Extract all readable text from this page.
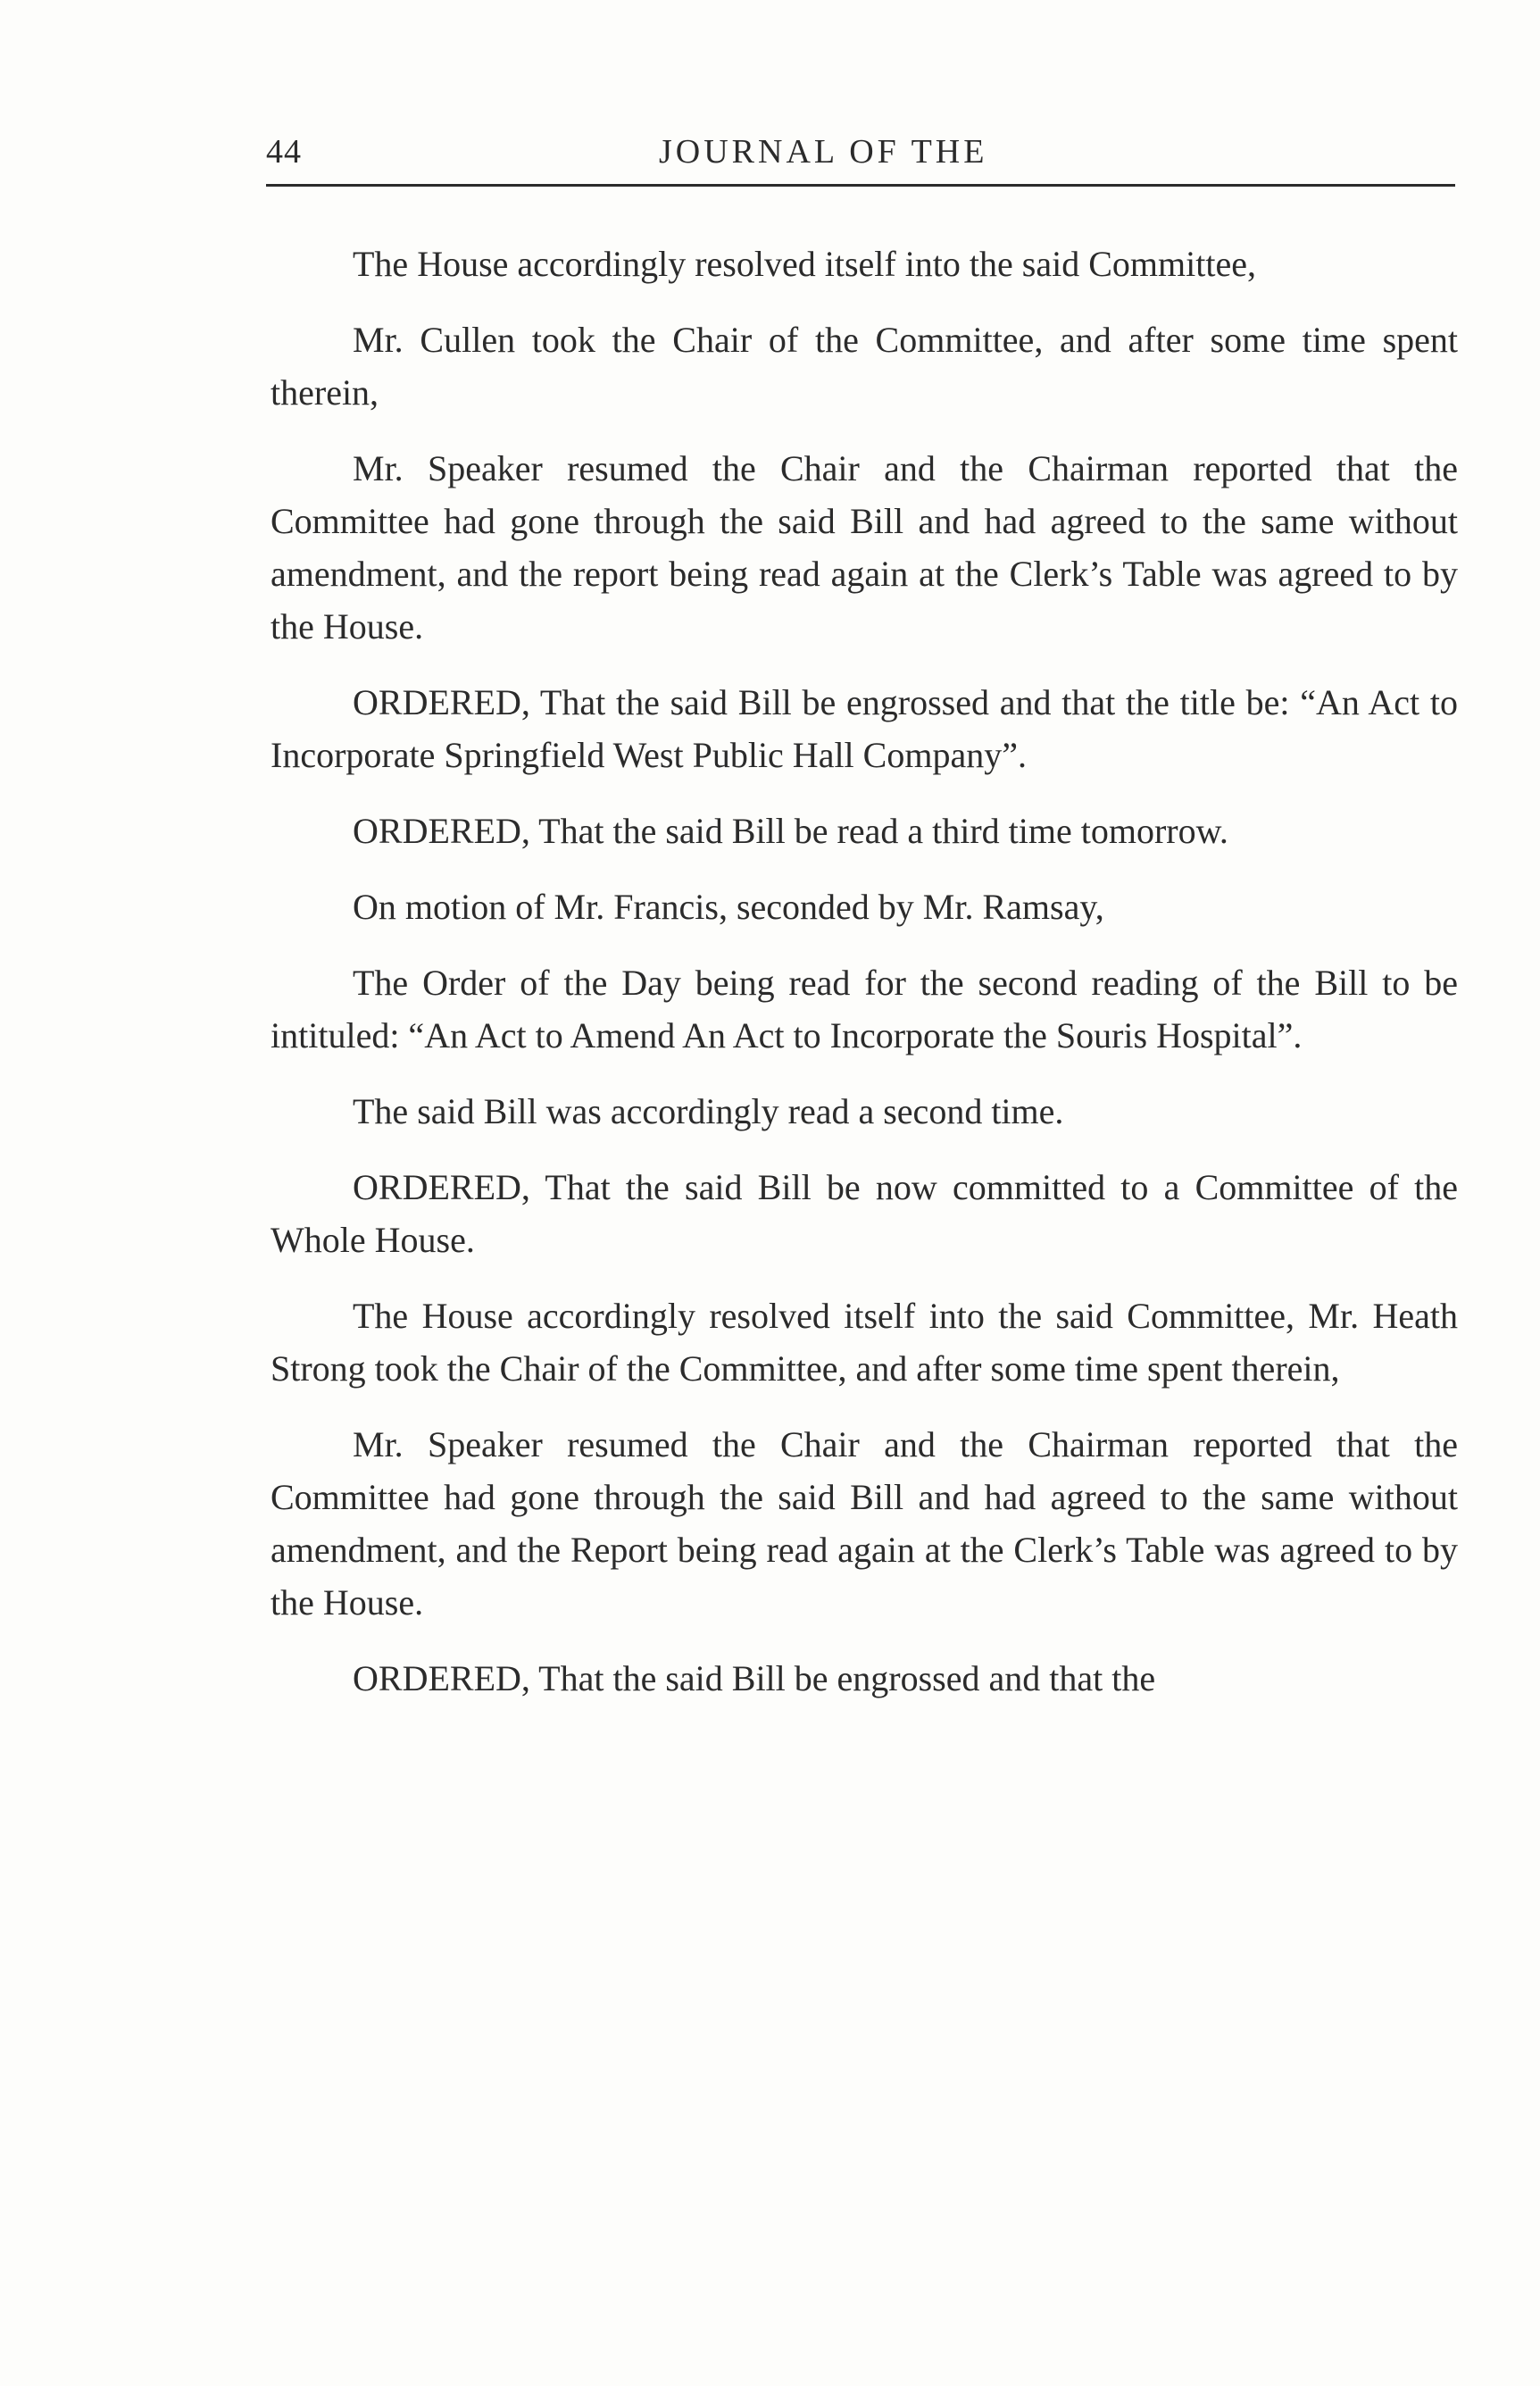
44	JOURNAL OF THE

The House accordingly resolved itself into the said Committee,

Mr. Cullen took the Chair of the Committee, and after some time spent therein,

Mr. Speaker resumed the Chair and the Chairman reported that the Committee had gone through the said Bill and had agreed to the same without amendment, and the report being read again at the Clerk’s Table was agreed to by the House.

ORDERED, That the said Bill be engrossed and that the title be: “An Act to Incorporate Springfield West Public Hall Company”.

ORDERED, That the said Bill be read a third time tomorrow.

On motion of Mr. Francis, seconded by Mr. Ramsay,

The Order of the Day being read for the second reading of the Bill to be intituled: “An Act to Amend An Act to Incorporate the Souris Hospital”.

The said Bill was accordingly read a second time.

ORDERED, That the said Bill be now committed to a Committee of the Whole House.

The House accordingly resolved itself into the said Committee, Mr. Heath Strong took the Chair of the Committee, and after some time spent therein,

Mr. Speaker resumed the Chair and the Chairman reported that the Committee had gone through the said Bill and had agreed to the same without amendment, and the Report being read again at the Clerk’s Table was agreed to by the House.

ORDERED, That the said Bill be engrossed and that the
